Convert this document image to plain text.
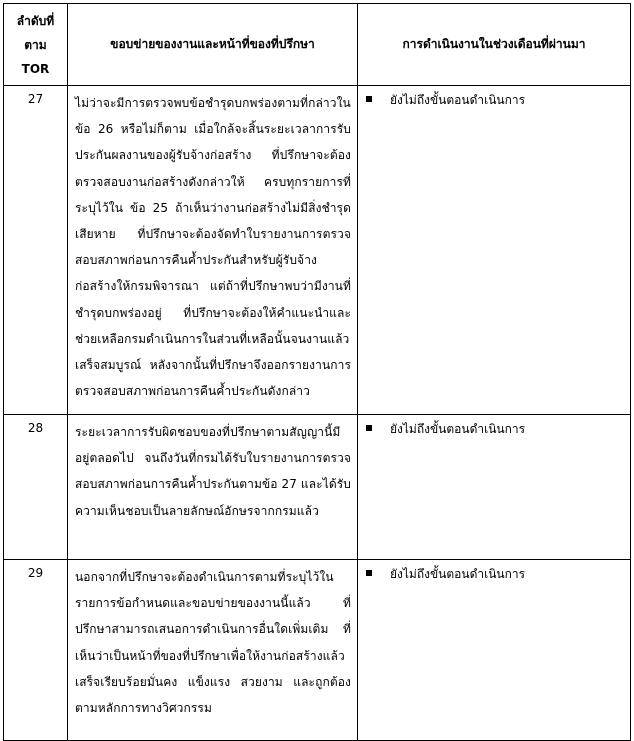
ลำดับที่
ตาม
TOR	ขอบข่ายของงานและหน้าที่ของที่ปรึกษา	การดำเนินงานในช่วงเดือนที่ผ่านมา
27	ไม่ว่าจะมีการตรวจพบข้อชำรุดบกพร่องตามที่กล่าวในข้อ 26 หรือไม่ก็ตาม เมื่อใกล้จะสิ้นระยะเวลาการรับประกันผลงานของผู้รับจ้างก่อสร้าง ที่ปรึกษาจะต้องตรวจสอบงานก่อสร้างดังกล่าวให้ ครบทุกรายการที่ระบุไว้ใน ข้อ 25 ถ้าเห็นว่างานก่อสร้างไม่มีสิ่งชำรุดเสียหาย ที่ปรึกษาจะต้องจัดทำใบรายงานการตรวจสอบสภาพก่อนการคืนค้ำประกันสำหรับผู้รับจ้างก่อสร้างให้กรมพิจารณา แต่ถ้าที่ปรึกษาพบว่ามีงานที่ชำรุดบกพร่องอยู่ ที่ปรึกษาจะต้องให้คำแนะนำและช่วยเหลือกรมดำเนินการในส่วนที่เหลือนั้นจนงานแล้วเสร็จสมบูรณ์ หลังจากนั้นที่ปรึกษาจึงออกรายงานการตรวจสอบสภาพก่อนการคืนค้ำประกันดังกล่าว	ยังไม่ถึงขั้นตอนดำเนินการ

28	ระยะเวลาการรับผิดชอบของที่ปรึกษาตามสัญญานี้มีอยู่ตลอดไป จนถึงวันที่กรมได้รับใบรายงานการตรวจสอบสภาพก่อนการคืนค้ำประกันตามข้อ 27 และได้รับความเห็นชอบเป็นลายลักษณ์อักษรจากกรมแล้ว	ยังไม่ถึงขั้นตอนดำเนินการ

29	นอกจากที่ปรึกษาจะต้องดำเนินการตามที่ระบุไว้ในรายการข้อกำหนดและขอบข่ายของงานนี้แล้ว ที่ปรึกษาสามารถเสนอการดำเนินการอื่นใดเพิ่มเติม ที่เห็นว่าเป็นหน้าที่ของที่ปรึกษาเพื่อให้งานก่อสร้างแล้วเสร็จเรียบร้อยมั่นคง แข็งแรง สวยงาม และถูกต้องตามหลักการทางวิศวกรรม	ยังไม่ถึงขั้นตอนดำเนินการ
